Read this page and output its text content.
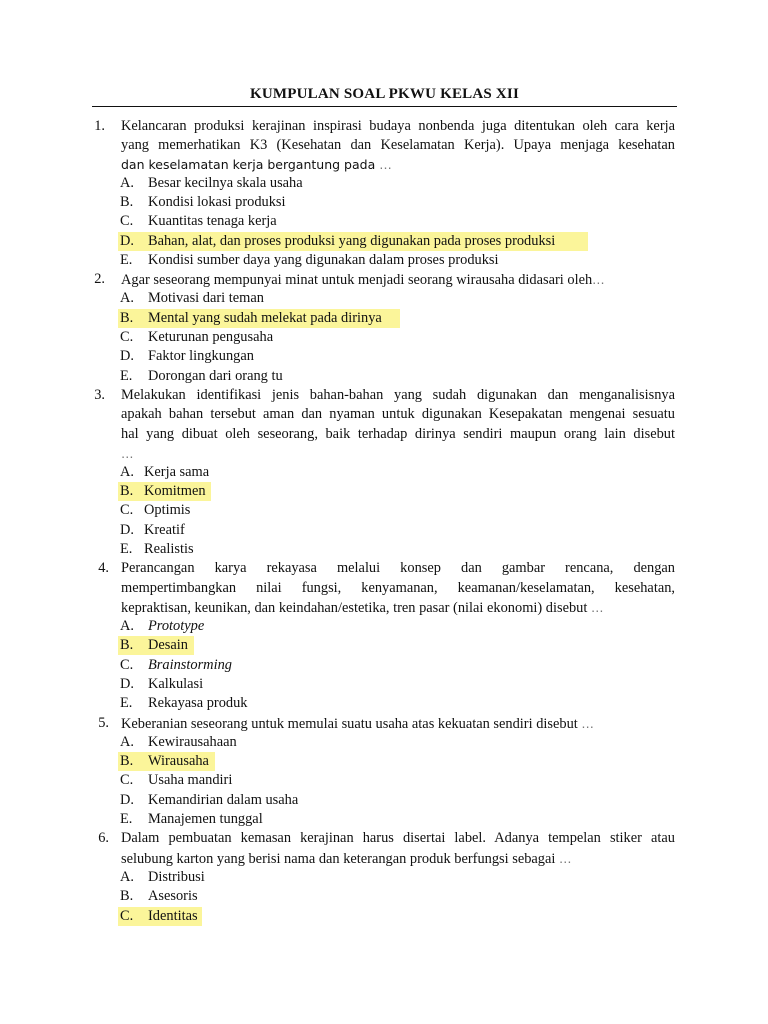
KUMPULAN SOAL PKWU KELAS XII
1. Kelancaran produksi kerajinan inspirasi budaya nonbenda juga ditentukan oleh cara kerja
yang memerhatikan K3 (Kesehatan dan Keselamatan Kerja). Upaya menjaga kesehatan
dan keselamatan kerja bergantung pada …
A. Besar kecilnya skala usaha
B. Kondisi lokasi produksi
C. Kuantitas tenaga kerja
D. Bahan, alat, dan proses produksi yang digunakan pada proses produksi
E. Kondisi sumber daya yang digunakan dalam proses produksi
2. Agar seseorang mempunyai minat untuk menjadi seorang wirausaha didasari oleh…
A. Motivasi dari teman
B. Mental yang sudah melekat pada dirinya
C. Keturunan pengusaha
D. Faktor lingkungan
E. Dorongan dari orang tu
3. Melakukan identifikasi jenis bahan-bahan yang sudah digunakan dan menganalisisnya
apakah bahan tersebut aman dan nyaman untuk digunakan Kesepakatan mengenai sesuatu
hal yang dibuat oleh seseorang, baik terhadap dirinya sendiri maupun orang lain disebut
…
A. Kerja sama
B. Komitmen
C. Optimis
D. Kreatif
E. Realistis
4. Perancangan karya rekayasa melalui konsep dan gambar rencana, dengan
mempertimbangkan nilai fungsi, kenyamanan, keamanan/keselamatan, kesehatan,
kepraktisan, keunikan, dan keindahan/estetika, tren pasar (nilai ekonomi) disebut …
A. Prototype
B. Desain
C. Brainstorming
D. Kalkulasi
E. Rekayasa produk
5. Keberanian seseorang untuk memulai suatu usaha atas kekuatan sendiri disebut …
A. Kewirausahaan
B. Wirausaha
C. Usaha mandiri
D. Kemandirian dalam usaha
E. Manajemen tunggal
6. Dalam pembuatan kemasan kerajinan harus disertai label. Adanya tempelan stiker atau
selubung karton yang berisi nama dan keterangan produk berfungsi sebagai …
A. Distribusi
B. Asesoris
C. Identitas
